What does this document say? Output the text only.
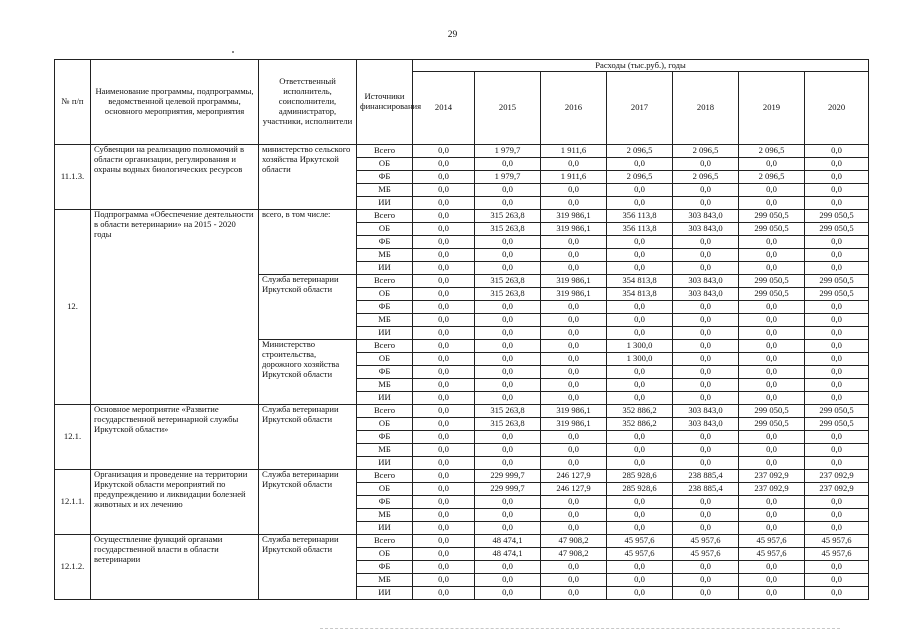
29
№ п/п	Наименование программы, подпрограммы, ведомственной целевой программы, основного мероприятия, мероприятия	Ответственный исполнитель, соисполнители, администратор, участники, исполнители	Источники финансирования	Расходы (тыс.руб.), годы						
				2014	2015	2016	2017	2018	2019	2020
11.1.3.	Субвенции на реализацию полномочий в области организации, регулирования и охраны водных биологических ресурсов	министерство сельского хозяйства Иркутской области	Всего	0,0	1 979,7	1 911,6	2 096,5	2 096,5	2 096,5	0,0
			ОБ	0,0	0,0	0,0	0,0	0,0	0,0	0,0
			ФБ	0,0	1 979,7	1 911,6	2 096,5	2 096,5	2 096,5	0,0
			МБ	0,0	0,0	0,0	0,0	0,0	0,0	0,0
			ИИ	0,0	0,0	0,0	0,0	0,0	0,0	0,0
12.	Подпрограмма «Обеспечение деятельности в области ветеринарии» на 2015 - 2020 годы	всего, в том числе:	Всего	0,0	315 263,8	319 986,1	356 113,8	303 843,0	299 050,5	299 050,5
			ОБ	0,0	315 263,8	319 986,1	356 113,8	303 843,0	299 050,5	299 050,5
			ФБ	0,0	0,0	0,0	0,0	0,0	0,0	0,0
			МБ	0,0	0,0	0,0	0,0	0,0	0,0	0,0
			ИИ	0,0	0,0	0,0	0,0	0,0	0,0	0,0
		Служба ветеринарии Иркутской области	Всего	0,0	315 263,8	319 986,1	354 813,8	303 843,0	299 050,5	299 050,5
			ОБ	0,0	315 263,8	319 986,1	354 813,8	303 843,0	299 050,5	299 050,5
			ФБ	0,0	0,0	0,0	0,0	0,0	0,0	0,0
			МБ	0,0	0,0	0,0	0,0	0,0	0,0	0,0
			ИИ	0,0	0,0	0,0	0,0	0,0	0,0	0,0
		Министерство строительства, дорожного хозяйства Иркутской области	Всего	0,0	0,0	0,0	1 300,0	0,0	0,0	0,0
			ОБ	0,0	0,0	0,0	1 300,0	0,0	0,0	0,0
			ФБ	0,0	0,0	0,0	0,0	0,0	0,0	0,0
			МБ	0,0	0,0	0,0	0,0	0,0	0,0	0,0
			ИИ	0,0	0,0	0,0	0,0	0,0	0,0	0,0
12.1.	Основное мероприятие «Развитие государственной ветеринарной службы Иркутской области»	Служба ветеринарии Иркутской области	Всего	0,0	315 263,8	319 986,1	352 886,2	303 843,0	299 050,5	299 050,5
			ОБ	0,0	315 263,8	319 986,1	352 886,2	303 843,0	299 050,5	299 050,5
			ФБ	0,0	0,0	0,0	0,0	0,0	0,0	0,0
			МБ	0,0	0,0	0,0	0,0	0,0	0,0	0,0
			ИИ	0,0	0,0	0,0	0,0	0,0	0,0	0,0
12.1.1.	Организация и проведение на территории Иркутской области мероприятий по предупреждению и ликвидации болезней животных и их лечению	Служба ветеринарии Иркутской области	Всего	0,0	229 999,7	246 127,9	285 928,6	238 885,4	237 092,9	237 092,9
			ОБ	0,0	229 999,7	246 127,9	285 928,6	238 885,4	237 092,9	237 092,9
			ФБ	0,0	0,0	0,0	0,0	0,0	0,0	0,0
			МБ	0,0	0,0	0,0	0,0	0,0	0,0	0,0
			ИИ	0,0	0,0	0,0	0,0	0,0	0,0	0,0
12.1.2.	Осуществление функций органами государственной власти в области ветеринарии	Служба ветеринарии Иркутской области	Всего	0,0	48 474,1	47 908,2	45 957,6	45 957,6	45 957,6	45 957,6
			ОБ	0,0	48 474,1	47 908,2	45 957,6	45 957,6	45 957,6	45 957,6
			ФБ	0,0	0,0	0,0	0,0	0,0	0,0	0,0
			МБ	0,0	0,0	0,0	0,0	0,0	0,0	0,0
			ИИ	0,0	0,0	0,0	0,0	0,0	0,0	0,0
